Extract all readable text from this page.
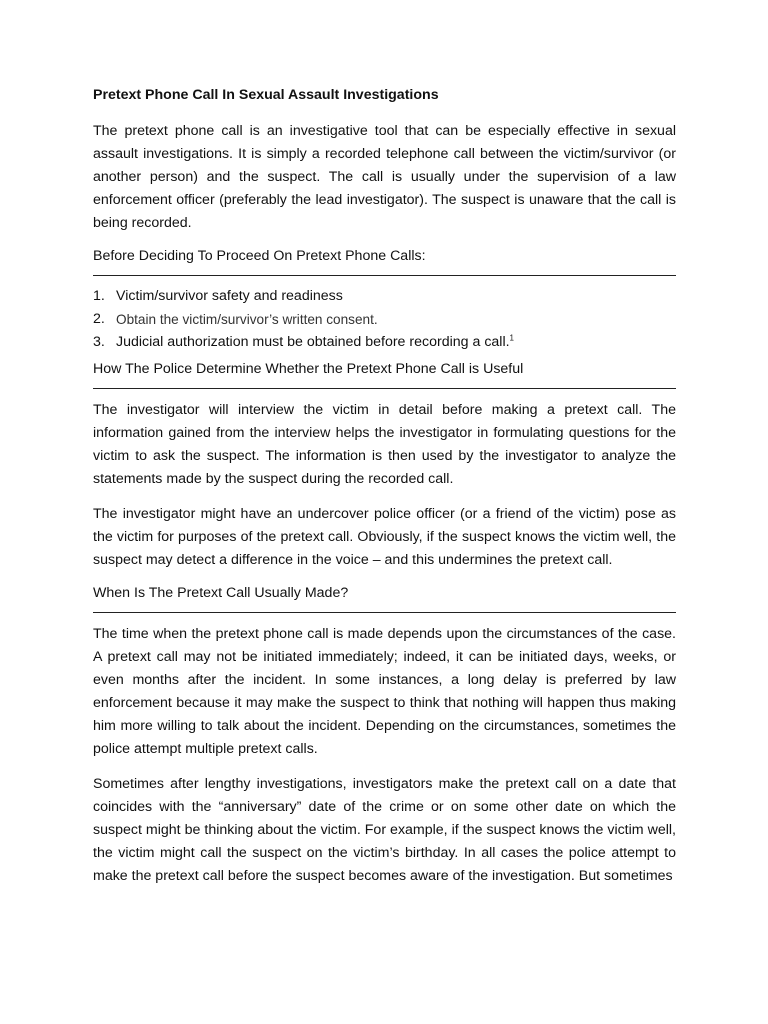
Pretext Phone Call In Sexual Assault Investigations

The pretext phone call is an investigative tool that can be especially effective in sexual assault investigations. It is simply a recorded telephone call between the victim/survivor (or another person) and the suspect. The call is usually under the supervision of a law enforcement officer (preferably the lead investigator). The suspect is unaware that the call is being recorded.

Before Deciding To Proceed On Pretext Phone Calls:
1. Victim/survivor safety and readiness
2. Obtain the victim/survivor’s written consent.
3. Judicial authorization must be obtained before recording a call.$^1$
How The Police Determine Whether the Pretext Phone Call is Useful

The investigator will interview the victim in detail before making a pretext call. The information gained from the interview helps the investigator in formulating questions for the victim to ask the suspect. The information is then used by the investigator to analyze the statements made by the suspect during the recorded call.

The investigator might have an undercover police officer (or a friend of the victim) pose as the victim for purposes of the pretext call. Obviously, if the suspect knows the victim well, the suspect may detect a difference in the voice – and this undermines the pretext call.

When Is The Pretext Call Usually Made?

The time when the pretext phone call is made depends upon the circumstances of the case. A pretext call may not be initiated immediately; indeed, it can be initiated days, weeks, or even months after the incident. In some instances, a long delay is preferred by law enforcement because it may make the suspect to think that nothing will happen thus making him more willing to talk about the incident. Depending on the circumstances, sometimes the police attempt multiple pretext calls.

Sometimes after lengthy investigations, investigators make the pretext call on a date that coincides with the “anniversary” date of the crime or on some other date on which the suspect might be thinking about the victim. For example, if the suspect knows the victim well, the victim might call the suspect on the victim’s birthday. In all cases the police attempt to make the pretext call before the suspect becomes aware of the investigation. But sometimes
